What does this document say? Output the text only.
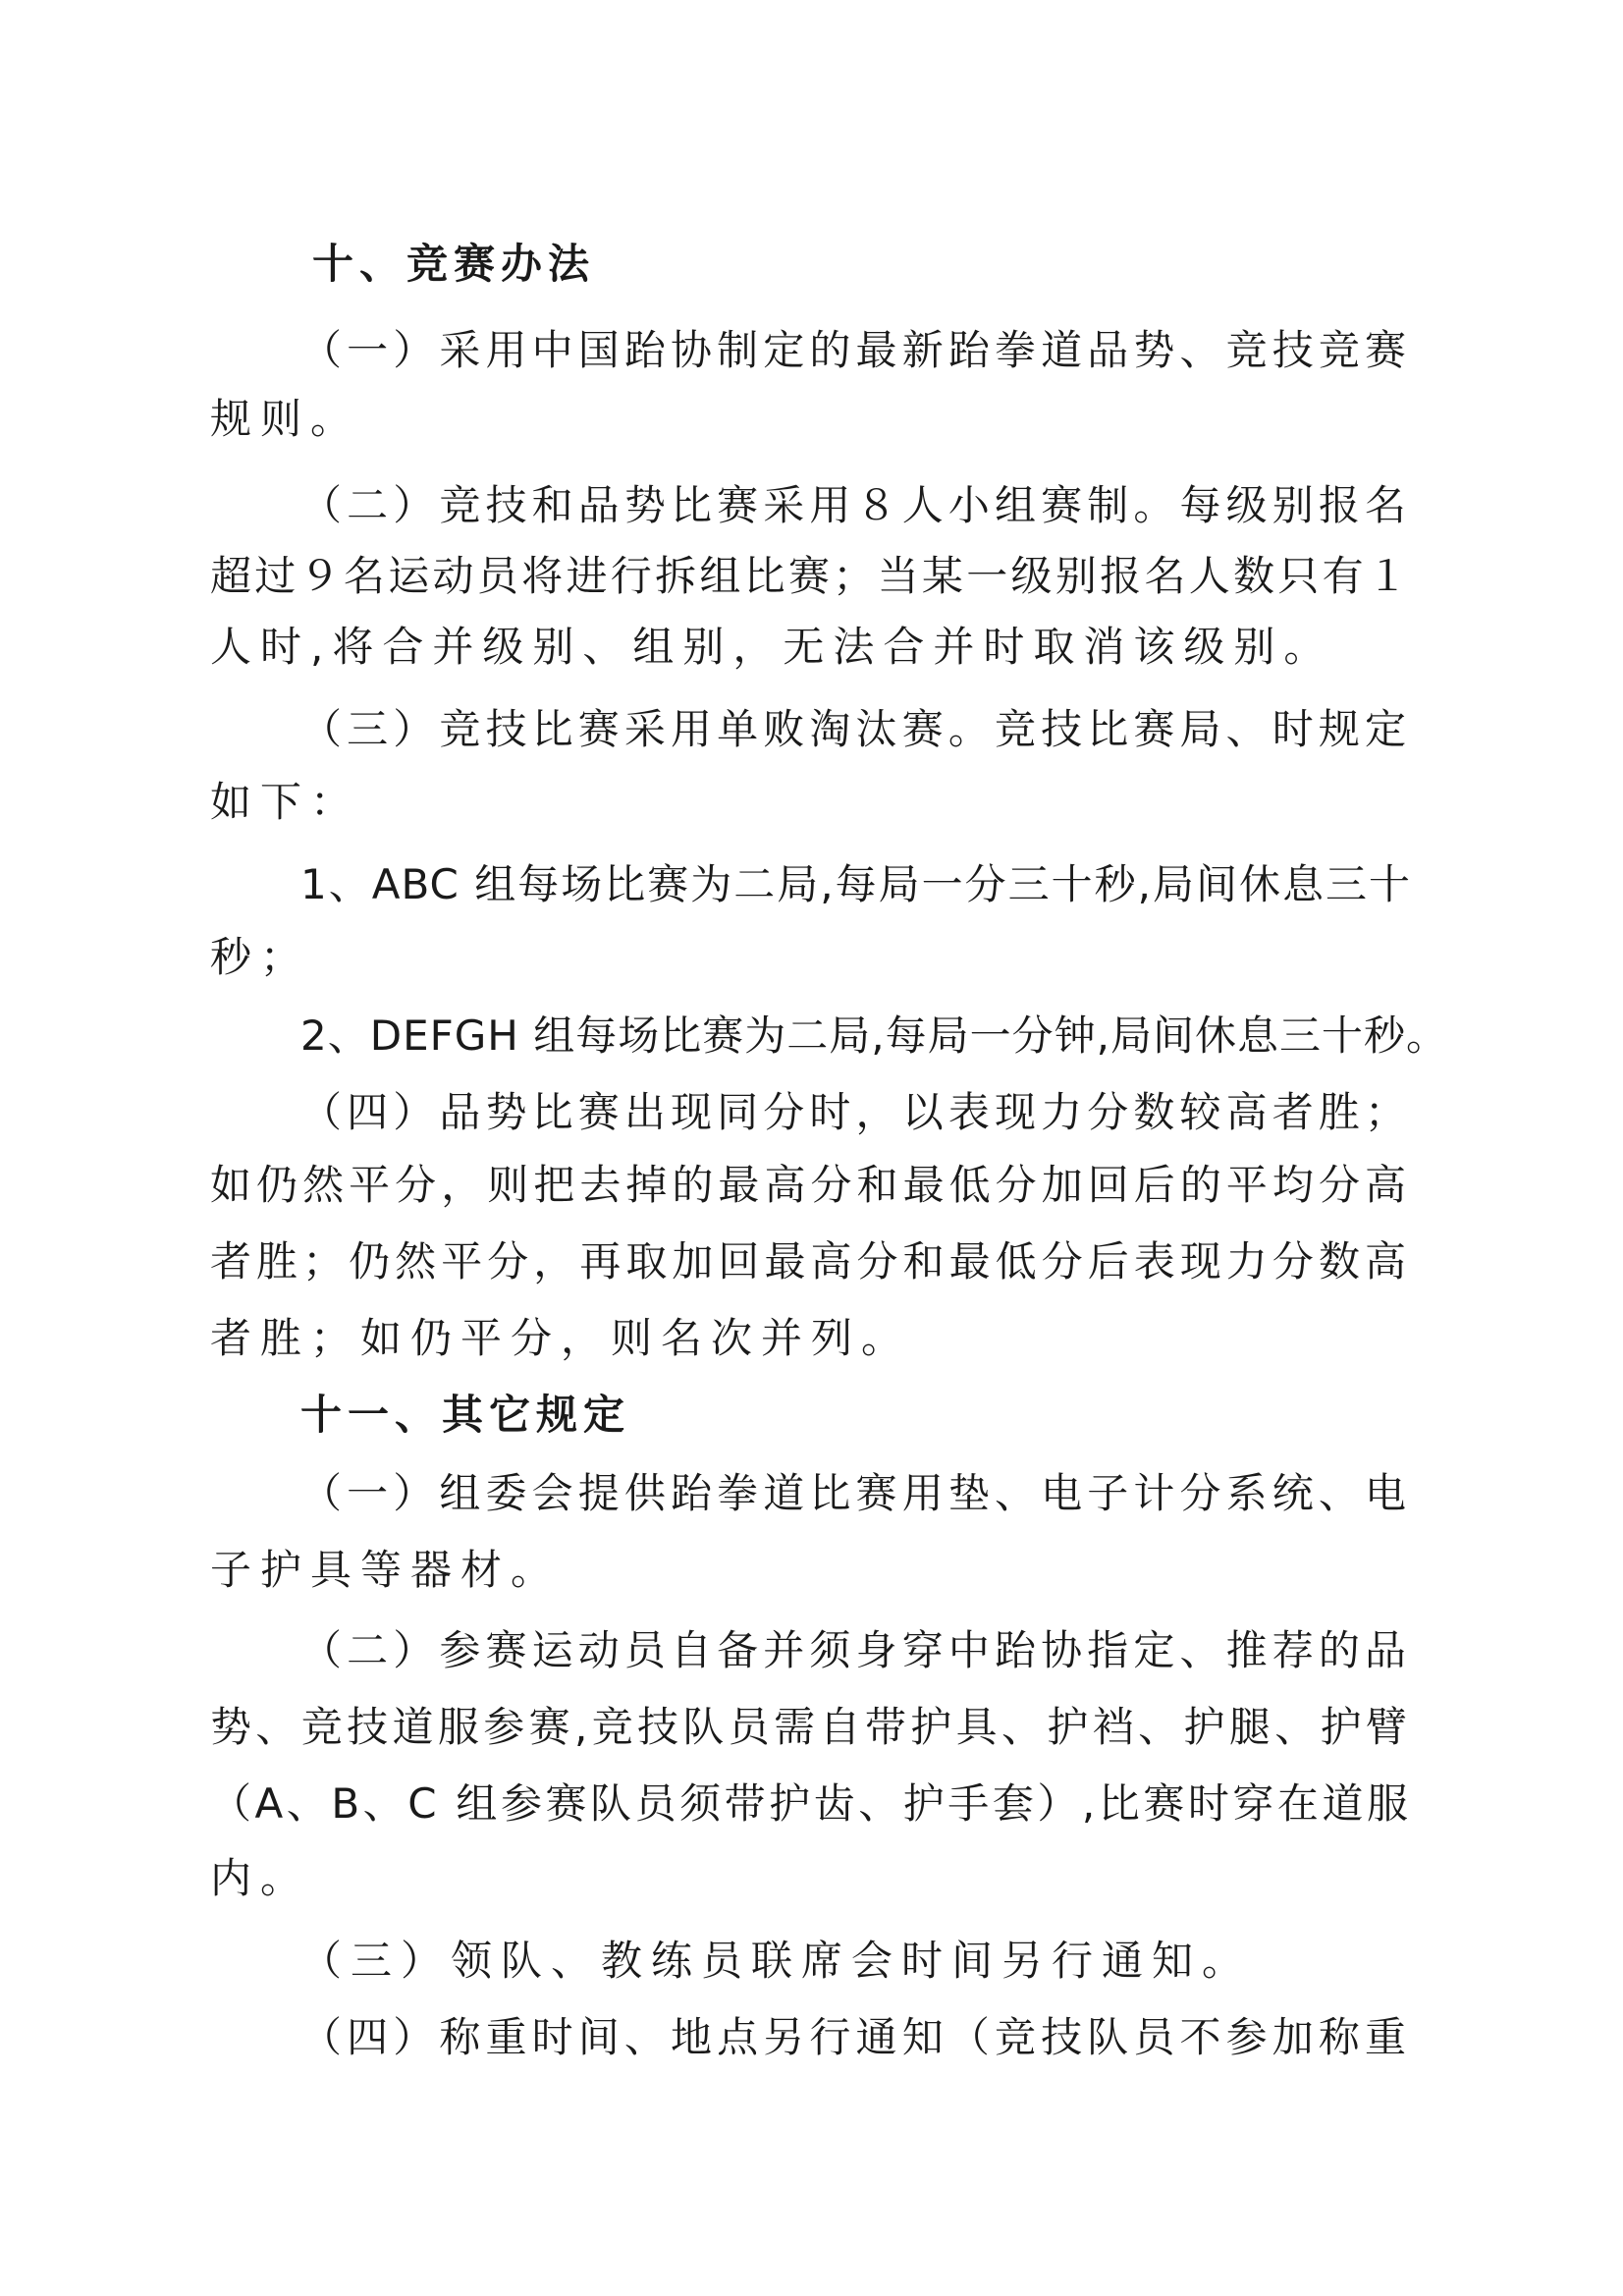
十、竞赛办法
（一）采用中国跆协制定的最新跆拳道品势、竞技竞赛
规则。
（二）竞技和品势比赛采用８人小组赛制。每级别报名
超过９名运动员将进行拆组比赛；当某一级别报名人数只有１
人时,将合并级别、组别，无法合并时取消该级别。
（三）竞技比赛采用单败淘汰赛。竞技比赛局、时规定
如下：
1、ABC 组每场比赛为二局,每局一分三十秒,局间休息三十
秒；
2、DEFGH 组每场比赛为二局,每局一分钟,局间休息三十秒。
（四）品势比赛出现同分时，以表现力分数较高者胜；
如仍然平分，则把去掉的最高分和最低分加回后的平均分高
者胜；仍然平分，再取加回最高分和最低分后表现力分数高
者胜；如仍平分，则名次并列。
十一、其它规定
（一）组委会提供跆拳道比赛用垫、电子计分系统、电
子护具等器材。
（二）参赛运动员自备并须身穿中跆协指定、推荐的品
势、竞技道服参赛,竞技队员需自带护具、护裆、护腿、护臂
（A、B、C 组参赛队员须带护齿、护手套）,比赛时穿在道服
内。
（三）领队、教练员联席会时间另行通知。
（四）称重时间、地点另行通知（竞技队员不参加称重
